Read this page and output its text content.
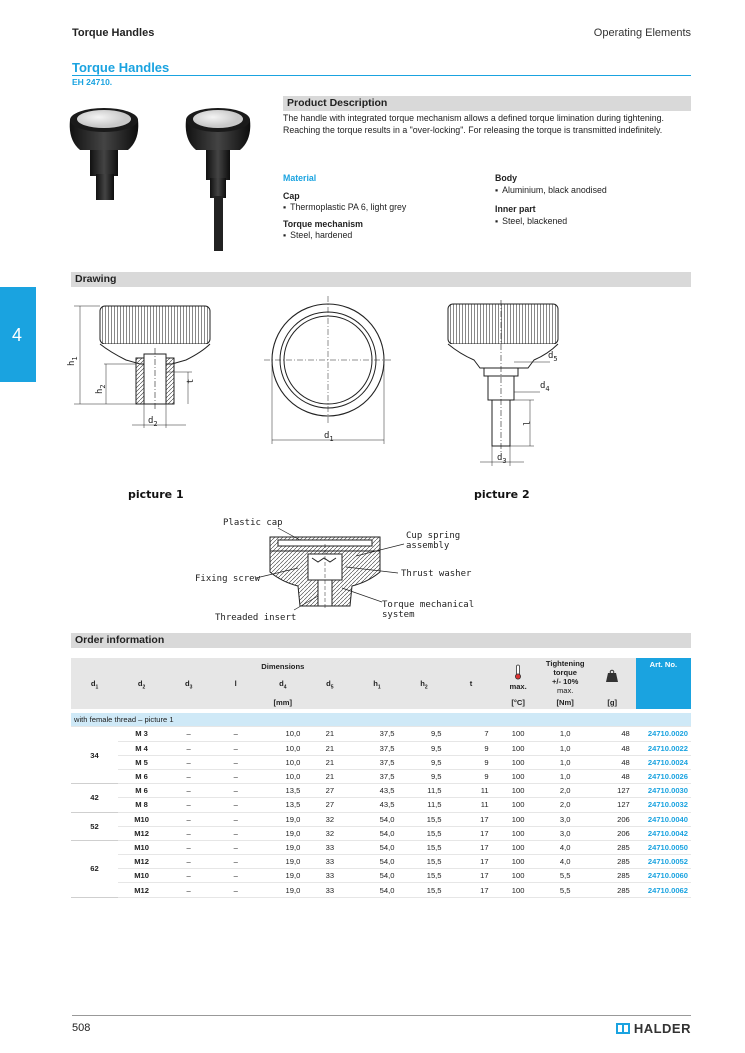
Torque Handles	Operating Elements
Torque Handles
EH 24710.
4
Product Description
The handle with integrated torque mechanism allows a defined torque limination during tightening.
Reaching the torque results in a "over-locking". For releasing the torque is transmitted indefinitely.
Material
Cap
▪ Thermoplastic PA 6, light grey
Torque mechanism
▪ Steel, hardened
Body
▪ Aluminium, black anodised
Inner part
▪ Steel, blackened
Drawing
$h_1$
$h_2$
t
$d_2$
$d_1$
$d_5$
$d_4$
l
$d_3$
picture 1	picture 2
Plastic cap
Cup spring
assembly
Fixing screw	Thrust washer
Threaded insert
Torque mechanical
system
Order information
Dimensions									max.	Tightening
torque
+/- 10%
max.		Art. No.
$d_1$	$d_2$	$d_3$	l	$d_4$	$d_5$	$h_1$	$h_2$	t				
[mm]									[°C]	[Nm]	[g]	

with female thread – picture 1												
34	M 3	–	–	10,0	21	37,5	9,5	7	100	1,0	48	24710.0020
	M 4	–	–	10,0	21	37,5	9,5	9	100	1,0	48	24710.0022
	M 5	–	–	10,0	21	37,5	9,5	9	100	1,0	48	24710.0024
	M 6	–	–	10,0	21	37,5	9,5	9	100	1,0	48	24710.0026
42	M 6	–	–	13,5	27	43,5	11,5	11	100	2,0	127	24710.0030
	M 8	–	–	13,5	27	43,5	11,5	11	100	2,0	127	24710.0032
52	M10	–	–	19,0	32	54,0	15,5	17	100	3,0	206	24710.0040
	M12	–	–	19,0	32	54,0	15,5	17	100	3,0	206	24710.0042
62	M10	–	–	19,0	33	54,0	15,5	17	100	4,0	285	24710.0050
	M12	–	–	19,0	33	54,0	15,5	17	100	4,0	285	24710.0052
	M10	–	–	19,0	33	54,0	15,5	17	100	5,5	285	24710.0060
	M12	–	–	19,0	33	54,0	15,5	17	100	5,5	285	24710.0062
508	HALDER
